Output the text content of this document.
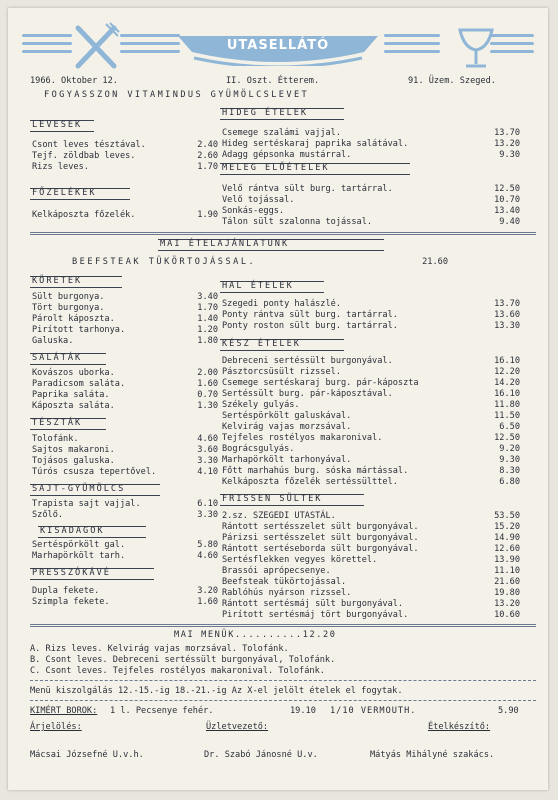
UTASELLÁTÓ
1966. Oktober 12.	II. Oszt. Étterem.	91. Üzem. Szeged.
FOGYASSZON VITAMINDUS GYÜMÖLCSLEVET
LEVESEK
Csont leves tésztával.	2.40
Tejf. zöldbab leves.	2.60
Rizs leves.	1.70
FŐZELÉKEK
Kelkáposzta főzelék.	1.90
HIDEG ÉTELEK
Csemege szalámi vajjal.	13.70
Hideg sertéskaraj paprika salátával.	13.20
Adagg gépsonka mustárral.	9.30
MELEG ELŐÉTELEK
Velő rántva sült burg. tartárral.	12.50
Velő tojással.	10.70
Sonkás-eggs.	13.40
Tálon sült szalonna tojással.	9.40
MAI ÉTELAJÁNLATUNK
BEEFSTEAK TÜKÖRTOJÁSSAL.	21.60
KÖRETEK
Sült burgonya.	3.40
Tört burgonya.	1.70
Párolt káposzta.	1.40
Pirított tarhonya.	1.20
Galuska.	1.80
SALÁTÁK
Kovászos uborka.	2.00
Paradicsom saláta.	1.60
Paprika saláta.	0.70
Káposzta saláta.	1.30
TÉSZTÁK
Tolofánk.	4.60
Sajtos makaroni.	3.60
Tojásos galuska.	3.30
Túrós csusza tepertővel.	4.10
SAJT-GYÜMÖLCS
Trapista sajt vajjal.	6.10
Szőlő.	3.30
KISADAGOK
Sertéspörkölt gal.	5.80
Marhapörkölt tarh.	4.60
PRESSZÓKÁVÉ
Dupla fekete.	3.20
Szimpla fekete.	1.60
HAL ÉTELEK
Szegedi ponty halászlé.	13.70
Ponty rántva sült burg. tartárral.	13.60
Ponty roston sült burg. tartárral.	13.30
KÉSZ ÉTELEK
Debreceni sertéssült burgonyával.	16.10
Pásztorcsüsült rizssel.	12.20
Csemege sertéskaraj burg. pár-káposzta	14.20
Sertéssült burg. pár-káposztával.	16.10
Székely gulyás.	11.80
Sertéspörkölt galuskával.	11.50
Kelvirág vajas morzsával.	6.50
Tejfeles rostélyos makaronival.	12.50
Bográcsgulyás.	9.20
Marhapörkölt tarhonyával.	9.30
Főtt marhahús burg. sóska mártással.	8.30
Kelkáposzta főzelék sertéssülttel.	6.80
FRISSEN SÜLTEK
2.sz. SZEGEDI UTASTÁL.	53.50
Rántott sertésszelet sült burgonyával.	15.20
Párizsi sertésszelet sült burgonyával.	14.90
Rántott sertéseborda sült burgonyával.	12.60
Sertésflekken vegyes körettel.	13.90
Brassói aprópecsenye.	11.10
Beefsteak tükörtojással.	21.60
Rablóhús nyárson rizssel.	19.80
Rántott sertésmáj sült burgonyával.	13.20
Pirított sertésmáj tört burgonyával.	10.60
MAI MENÜK..........12.20
A. Rizs leves. Kelvirág vajas morzsával. Tolofánk.
B. Csont leves. Debreceni sertéssült burgonyával, Tolofánk.
C. Csont leves. Tejfeles rostélyos makaronival. Tolofánk.
Menü kiszolgálás 12.-15.-ig 18.-21.-ig Az X-el jelölt ételek el fogytak.
KIMÉRT BOROK: 1 l. Pecsenye fehér.	19.10 1/10 VERMOUTH.	5.90
Árjelölés:	Üzletvezető:	Ételkészítő:
Mácsai Józsefné U.v.h.	Dr. Szabó Jánosné U.v.	Mátyás Mihályné szakács.
